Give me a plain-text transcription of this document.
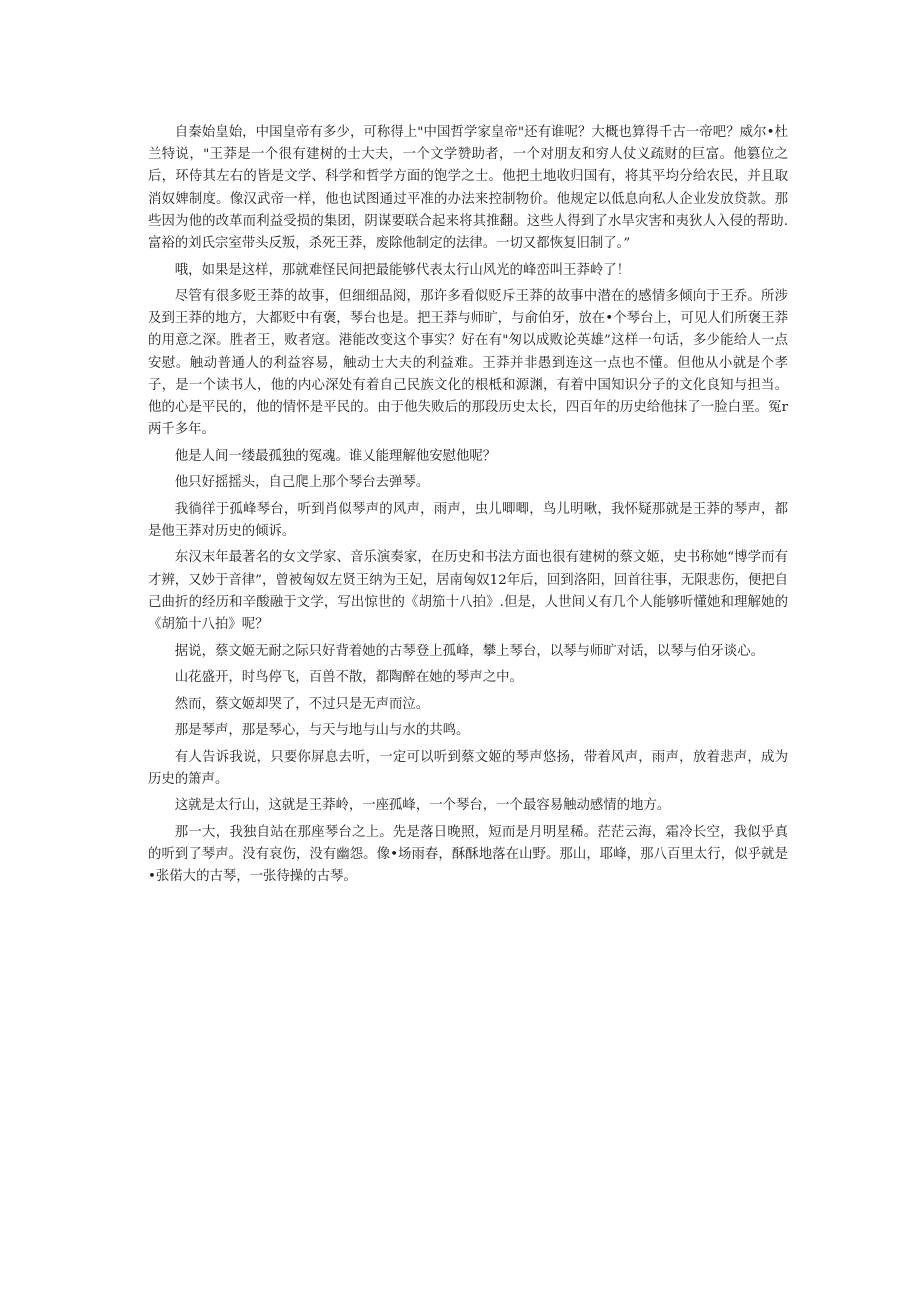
自秦始皇始，中国皇帝有多少，可称得上"中国哲学家皇帝"还有谁呢？大概也算得千古一帝吧？威尔•杜兰特说，"王莽是一个很有建树的士大夫，一个文学赞助者，一个对朋友和穷人仗义疏财的巨富。他篡位之后，环侍其左右的皆是文学、科学和哲学方面的饱学之士。他把土地收归国有，将其平均分给农民，并且取消奴婢制度。像汉武帝一样，他也试图通过平准的办法来控制物价。他规定以低息向私人企业发放贷款。那些因为他的改革而利益受损的集团，阴谋要联合起来将其推翻。这些人得到了水旱灾害和夷狄人入侵的帮助.富裕的刘氏宗室带头反叛，杀死王莽，废除他制定的法律。一切又都恢复旧制了。”

哦，如果是这样，那就难怪民间把最能够代表太行山风光的峰峦叫王莽岭了！

尽管有很多贬王莽的故事，但细细品阅，那许多看似贬斥王莽的故事中潜在的感情多倾向于王乔。所涉及到王莽的地方，大都贬中有褒，琴台也是。把王莽与师旷，与俞伯牙，放在•个琴台上，可见人们所褒王莽的用意之深。胜者王，败者寇。港能改变这个事实？好在有"匆以成败论英雄”这样一句话，多少能给人一点安慰。触动普通人的利益容易，触动士大夫的利益难。王莽并非愚到连这一点也不懂。但他从小就是个孝子，是一个读书人，他的内心深处有着自己民族文化的根柢和源渊，有着中国知识分子的文化良知与担当。他的心是平民的，他的情怀是平民的。由于他失败后的那段历史太长，四百年的历史给他抹了一脸白垩。冤r两千多年。

他是人间一缕最孤独的冤魂。谁乂能理解他安慰他呢？

他只好摇摇头，自己爬上那个琴台去弹琴。

我徜徉于孤峰琴台，听到肖似琴声的风声，雨声，虫儿唧唧，鸟儿明啾，我怀疑那就是王莽的琴声，都是他王莽对历史的倾诉。

东汉末年最著名的女文学家、音乐演奏家，在历史和书法方面也很有建树的蔡文姬，史书称她“博学而有才辨，又妙于音律”，曾被匈奴左贤王纳为王妃，居南匈奴12年后，回到洛阳，回首往事，无限悲伤，便把自己曲折的经历和辛酸融于文学，写出惊世的《胡笳十八拍》.但是，人世间乂有几个人能够听懂她和理解她的《胡笳十八拍》呢？

据说，蔡文姬无耐之际只好背着她的古琴登上孤峰，攀上琴台，以琴与师旷对话，以琴与伯牙谈心。

山花盛开，时鸟停飞，百兽不散，都陶醉在她的琴声之中。

然而，蔡文姬却哭了，不过只是无声而泣。

那是琴声，那是琴心，与天与地与山与水的共鸣。

有人告诉我说，只要你屏息去听，一定可以听到蔡文姬的琴声悠扬，带着风声，雨声，放着悲声，成为历史的箫声。

这就是太行山，这就是王莽岭，一座孤峰，一个琴台，一个最容易触动感情的地方。

那一大，我独自站在那座琴台之上。先是落日晚照，短而是月明星稀。茫茫云海，霜冷长空，我似乎真的听到了琴声。没有哀伤，没有幽怨。像•场雨春，酥酥地落在山野。那山，耶峰，那八百里太行，似乎就是•张偌大的古琴，一张待操的古琴。
